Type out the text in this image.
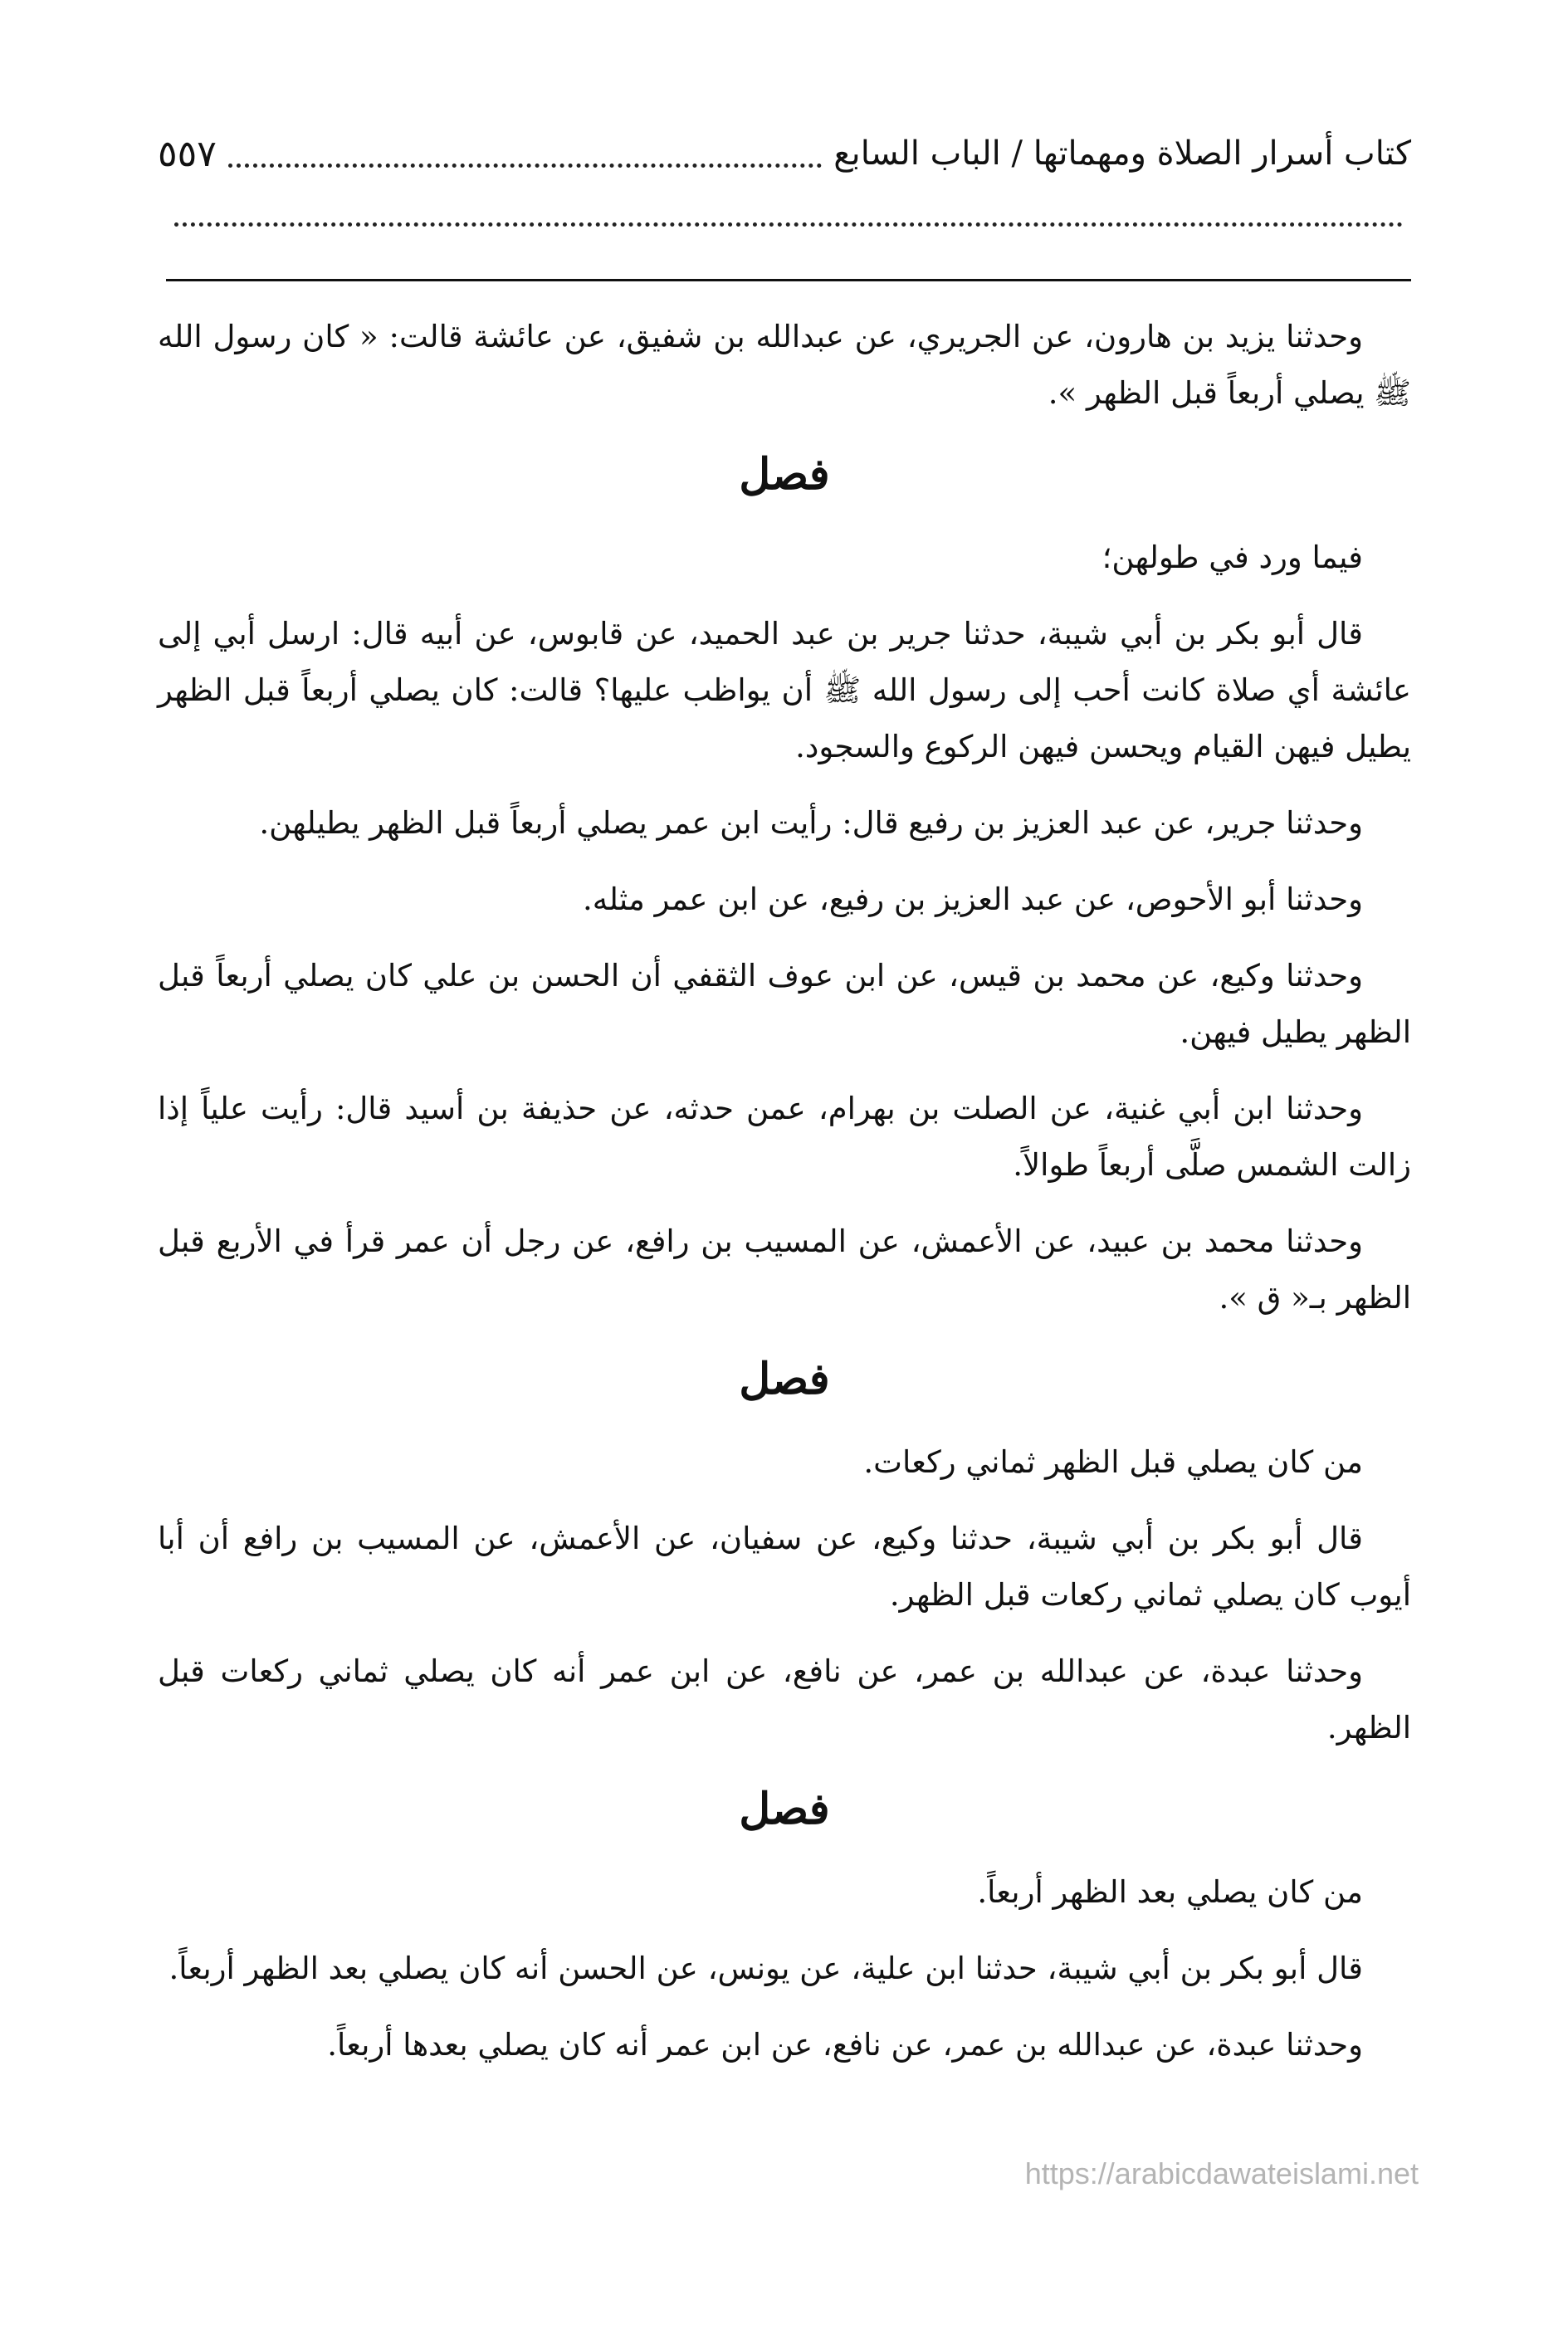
كتاب أسرار الصلاة ومهماتها / الباب السابع
٥٥٧

وحدثنا يزيد بن هارون، عن الجريري، عن عبدالله بن شفيق، عن عائشة قالت: « كان رسول الله ﷺ يصلي أربعاً قبل الظهر ».

فصل

فيما ورد في طولهن؛

قال أبو بكر بن أبي شيبة، حدثنا جرير بن عبد الحميد، عن قابوس، عن أبيه قال: ارسل أبي إلى عائشة أي صلاة كانت أحب إلى رسول الله ﷺ أن يواظب عليها؟ قالت: كان يصلي أربعاً قبل الظهر يطيل فيهن القيام ويحسن فيهن الركوع والسجود.

وحدثنا جرير، عن عبد العزيز بن رفيع قال: رأيت ابن عمر يصلي أربعاً قبل الظهر يطيلهن.

وحدثنا أبو الأحوص، عن عبد العزيز بن رفيع، عن ابن عمر مثله.

وحدثنا وكيع، عن محمد بن قيس، عن ابن عوف الثقفي أن الحسن بن علي كان يصلي أربعاً قبل الظهر يطيل فيهن.

وحدثنا ابن أبي غنية، عن الصلت بن بهرام، عمن حدثه، عن حذيفة بن أسيد قال: رأيت علياً إذا زالت الشمس صلَّى أربعاً طوالاً.

وحدثنا محمد بن عبيد، عن الأعمش، عن المسيب بن رافع، عن رجل أن عمر قرأ في الأربع قبل الظهر بـ« ق ».

فصل

من كان يصلي قبل الظهر ثماني ركعات.

قال أبو بكر بن أبي شيبة، حدثنا وكيع، عن سفيان، عن الأعمش، عن المسيب بن رافع أن أبا أيوب كان يصلي ثماني ركعات قبل الظهر.

وحدثنا عبدة، عن عبدالله بن عمر، عن نافع، عن ابن عمر أنه كان يصلي ثماني ركعات قبل الظهر.

فصل

من كان يصلي بعد الظهر أربعاً.

قال أبو بكر بن أبي شيبة، حدثنا ابن علية، عن يونس، عن الحسن أنه كان يصلي بعد الظهر أربعاً.

وحدثنا عبدة، عن عبدالله بن عمر، عن نافع، عن ابن عمر أنه كان يصلي بعدها أربعاً.

https://arabicdawateislami.net
